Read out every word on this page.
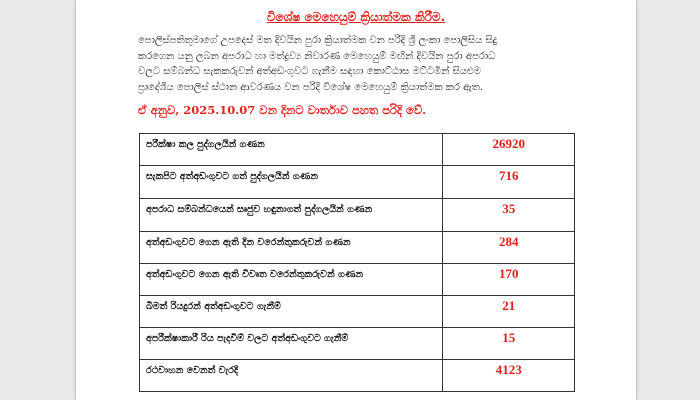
විශේෂ මෙහෙයුම් ක්‍රියාත්මක කිරීම.
පොලිස්පතිතුමාගේ උපදෙස් මත දිවයින පුරා ක්‍රියාත්මක වන පරිදි ශ්‍රී ලංකා පොලිසිය සිදු
කරගෙන යනු ලබන අපරාධ හා මත්ද්‍රව්‍ය නිවාරණ මෙහෙයුම් මඟින් දිවයින පුරා අපරාධ
වලට සම්බන්ධ සැකකරුවන් අත්අඩංගුවට ගැනීම සඳහා කොට්ඨාස මට්ටමින් සියළුම
ප්‍රාදේශීය පොලිස් ස්ථාන ආවරණය වන පරිදි විශේෂ මෙහෙයුම් ක්‍රියාත්මක කර ඇත.
ඒ අනුව, 2025.10.07 වන දිනට වාර්තාව පහත පරිදි වේ.
පරීක්ෂා කල පුද්ගලයින් ගණන	26920
සැකපිට අත්අඩංගුවට ගත් පුද්ගලයින් ගණන	716
අපරාධ සම්බන්ධයෙන් සෘජුව හඳුනාගත් පුද්ගලයින් ගණන	35
අත්අඩංගුවට ගෙන ඇති දින වරෙන්තුකරුවන් ගණන	284
අත්අඩංගුවට ගෙන ඇති විවෘත වරෙන්තුකරුවන් ගණන	170
බීමත් රියදුරන් අත්අඩංගුවට ගැනීම්	21
අපරීක්ෂාකාරී රිය පැදවීම් වලට අත්අඩංගුවට ගැනීම්	15
රථවාහන වෙනත් වැරදි	4123
